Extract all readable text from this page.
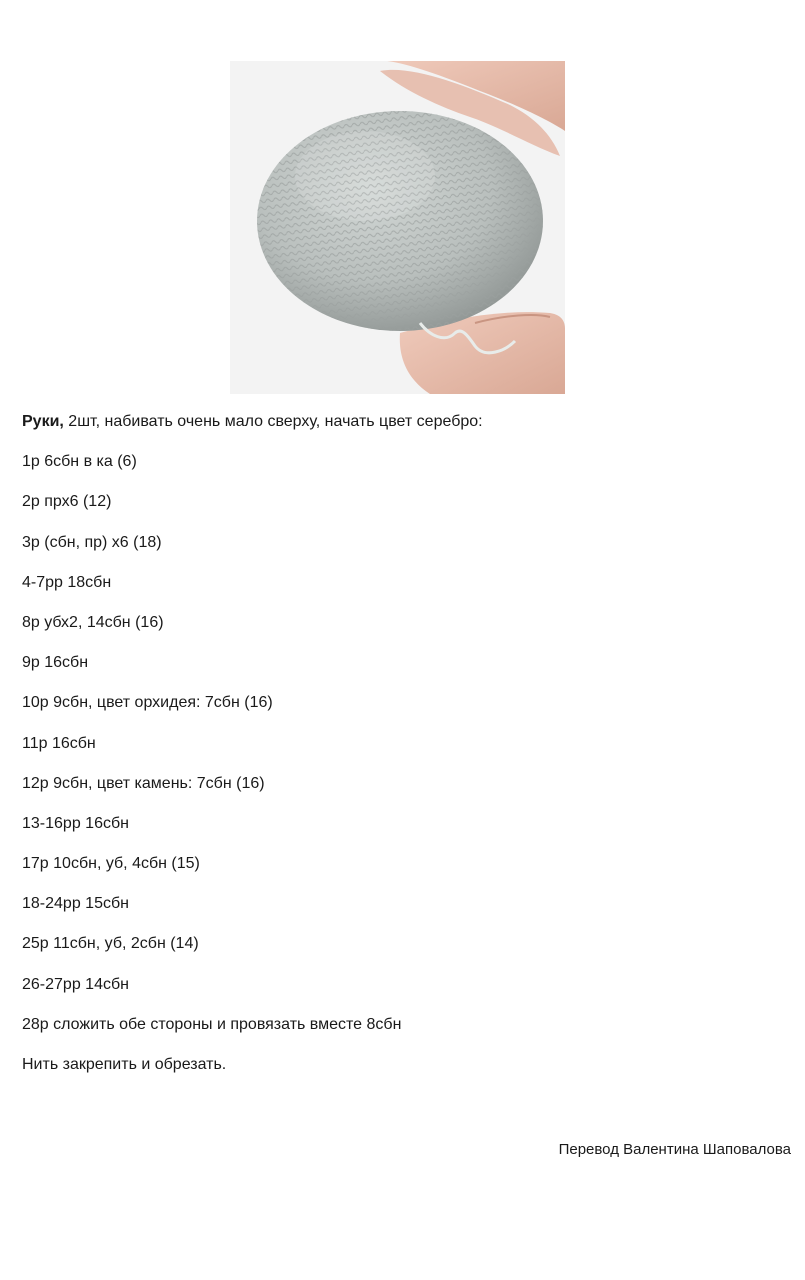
Руки, 2шт, набивать очень мало сверху, начать цвет серебро:
1р 6сбн в ка (6)
2р прх6 (12)
3р (сбн, пр) х6 (18)
4-7рр 18сбн
8р убх2, 14сбн (16)
9р 16сбн
10р 9сбн, цвет орхидея: 7сбн (16)
11р 16сбн
12р 9сбн, цвет камень: 7сбн (16)
13-16рр 16сбн
17р 10сбн, уб, 4сбн (15)
18-24рр 15сбн
25р 11сбн, уб, 2сбн (14)
26-27рр 14сбн
28р сложить обе стороны и провязать вместе 8сбн
Нить закрепить и обрезать.
Перевод Валентина Шаповалова
